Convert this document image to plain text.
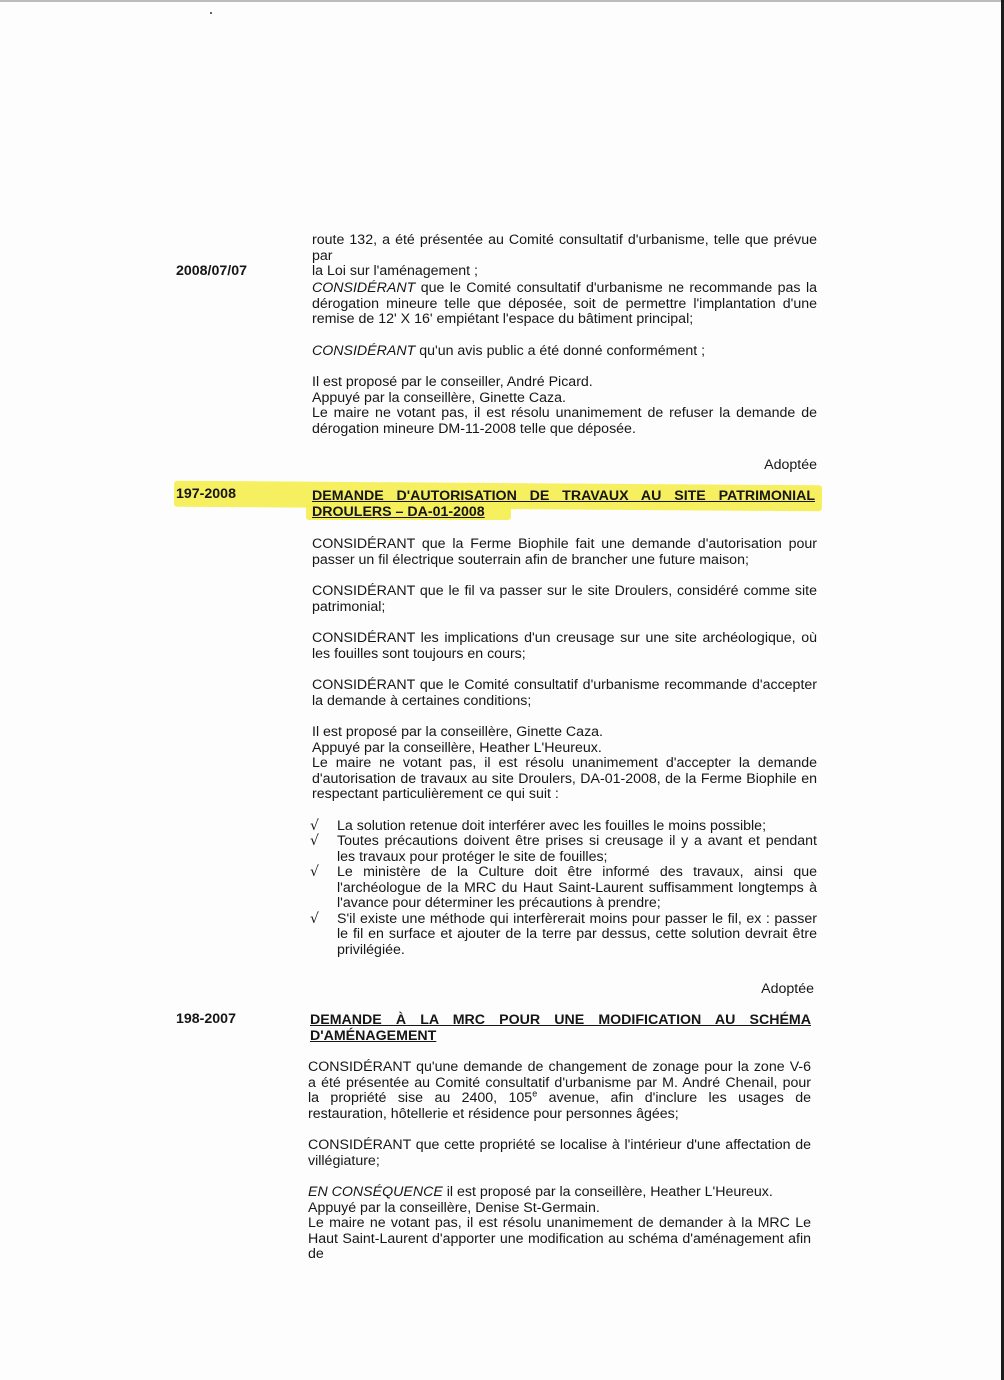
route 132, a été présentée au Comité consultatif d'urbanisme, telle que prévue par

la Loi sur l'aménagement ;

2008/07/07

CONSIDÉRANT que le Comité consultatif d'urbanisme ne recommande pas la dérogation mineure telle que déposée, soit de permettre l'implantation d'une remise de 12' X 16' empiétant l'espace du bâtiment principal;

CONSIDÉRANT qu'un avis public a été donné conformément ;

Il est proposé par le conseiller, André Picard.

Appuyé par la conseillère, Ginette Caza.

Le maire ne votant pas, il est résolu unanimement de refuser la demande de dérogation mineure DM-11-2008 telle que déposée.

Adoptée
197-2008	DEMANDE D'AUTORISATION DE TRAVAUX AU SITE PATRIMONIAL DROULERS – DA-01-2008

CONSIDÉRANT que la Ferme Biophile fait une demande d'autorisation pour passer un fil électrique souterrain afin de brancher une future maison;

CONSIDÉRANT que le fil va passer sur le site Droulers, considéré comme site patrimonial;

CONSIDÉRANT les implications d'un creusage sur une site archéologique, où les fouilles sont toujours en cours;

CONSIDÉRANT que le Comité consultatif d'urbanisme recommande d'accepter la demande à certaines conditions;

Il est proposé par la conseillère, Ginette Caza.

Appuyé par la conseillère, Heather L'Heureux.

Le maire ne votant pas, il est résolu unanimement d'accepter la demande d'autorisation de travaux au site Droulers, DA-01-2008, de la Ferme Biophile en respectant particulièrement ce qui suit :

√ La solution retenue doit interférer avec les fouilles le moins possible;

√ Toutes précautions doivent être prises si creusage il y a avant et pendant les travaux pour protéger le site de fouilles;

√ Le ministère de la Culture doit être informé des travaux, ainsi que l'archéologue de la MRC du Haut Saint-Laurent suffisamment longtemps à l'avance pour déterminer les précautions à prendre;

√ S'il existe une méthode qui interfèrerait moins pour passer le fil, ex : passer le fil en surface et ajouter de la terre par dessus, cette solution devrait être privilégiée.

Adoptée
198-2007	DEMANDE À LA MRC POUR UNE MODIFICATION AU SCHÉMA D'AMÉNAGEMENT

CONSIDÉRANT qu'une demande de changement de zonage pour la zone V-6 a été présentée au Comité consultatif d'urbanisme par M. André Chenail, pour la propriété sise au 2400, 105e avenue, afin d'inclure les usages de restauration, hôtellerie et résidence pour personnes âgées;

CONSIDÉRANT que cette propriété se localise à l'intérieur d'une affectation de villégiature;

EN CONSÉQUENCE il est proposé par la conseillère, Heather L'Heureux.

Appuyé par la conseillère, Denise St-Germain.

Le maire ne votant pas, il est résolu unanimement de demander à la MRC Le Haut Saint-Laurent d'apporter une modification au schéma d'aménagement afin de
